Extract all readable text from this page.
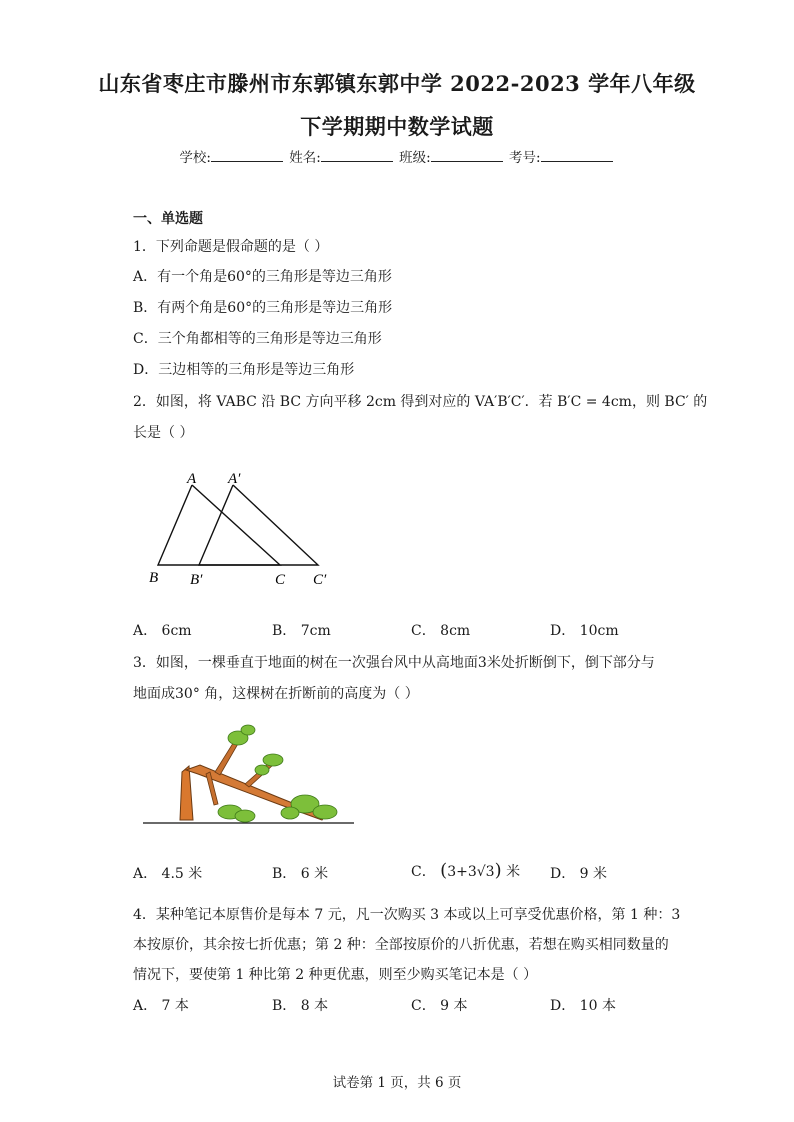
山东省枣庄市滕州市东郭镇东郭中学 2022-2023 学年八年级
下学期期中数学试题
学校:	姓名:	班级:	考号:
一、单选题
1．下列命题是假命题的是（ ）
A．有一个角是60°的三角形是等边三角形
B．有两个角是60°的三角形是等边三角形
C．三个角都相等的三角形是等边三角形
D．三边相等的三角形是等边三角形
2．如图，将 VABC 沿 BC 方向平移 2cm 得到对应的 VA′B′C′．若 B′C = 4cm，则 BC′ 的
长是（ ）
A A′
B B′	C C′
A． 6cm	B． 7cm	C． 8cm	D． 10cm
3．如图，一棵垂直于地面的树在一次强台风中从高地面3米处折断倒下，倒下部分与
地面成30° 角，这棵树在折断前的高度为（ ）
A． 4.5 米	B． 6 米	C． (3+3√3) 米 D． 9 米
4．某种笔记本原售价是每本 7 元，凡一次购买 3 本或以上可享受优惠价格，第 1 种：3
本按原价，其余按七折优惠；第 2 种：全部按原价的八折优惠，若想在购买相同数量的
情况下，要使第 1 种比第 2 种更优惠，则至少购买笔记本是（ ）
A． 7 本	B． 8 本	C． 9 本	D． 10 本
试卷第 1 页，共 6 页
